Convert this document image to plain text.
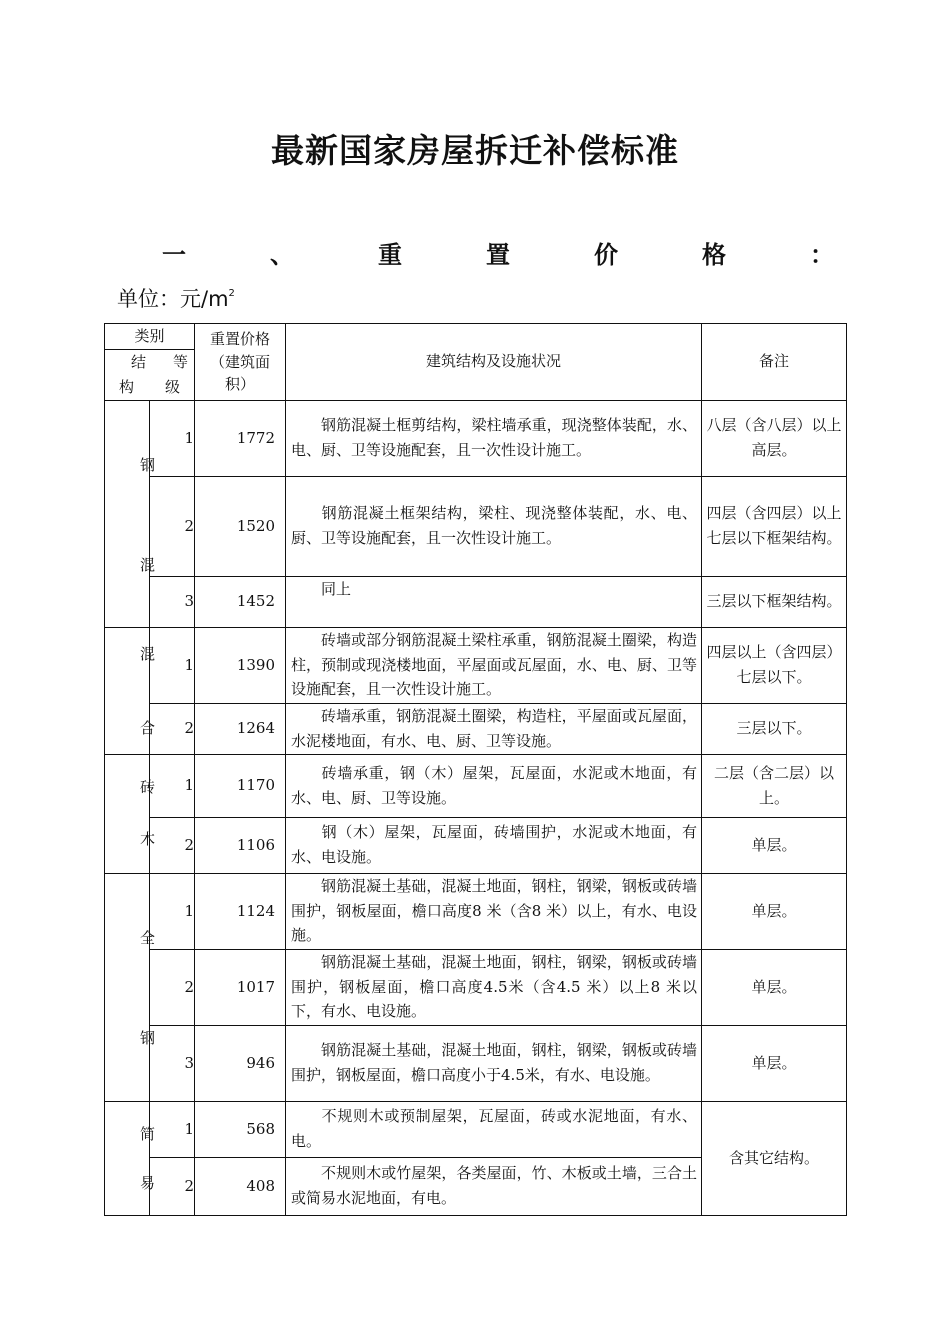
最新国家房屋拆迁补偿标准
一	、	重	置	价	格	：
单位：元$/m^2$
类别		重置价格（建筑面积）	建筑结构及设施状况	备注

结 等
构 级				

钢
混	1	1772	钢筋混凝土框剪结构，梁柱墙承重，现浇整体装配，水、电、厨、卫等设施配套，且一次性设计施工。	八层（含八层）以上高层。
	2	1520	钢筋混凝土框架结构，梁柱、现浇整体装配，水、电、厨、卫等设施配套，且一次性设计施工。	四层（含四层）以上七层以下框架结构。
	3	1452	同上	三层以下框架结构。

混
合	1	1390	砖墙或部分钢筋混凝土梁柱承重，钢筋混凝土圈梁，构造柱，预制或现浇楼地面，平屋面或瓦屋面，水、电、厨、卫等设施配套，且一次性设计施工。	四层以上（含四层）七层以下。
	2	1264	砖墙承重，钢筋混凝土圈梁，构造柱，平屋面或瓦屋面，水泥楼地面，有水、电、厨、卫等设施。	三层以下。

砖
木	1	1170	砖墙承重，钢（木）屋架，瓦屋面，水泥或木地面，有水、电、厨、卫等设施。	二层（含二层）以上。
	2	1106	钢（木）屋架，瓦屋面，砖墙围护，水泥或木地面，有水、电设施。	单层。

全
钢	1	1124	钢筋混凝土基础，混凝土地面，钢柱，钢梁，钢板或砖墙围护，钢板屋面，檐口高度8 米（含8 米）以上，有水、电设施。	单层。
	2	1017	钢筋混凝土基础，混凝土地面，钢柱，钢梁，钢板或砖墙围护，钢板屋面，檐口高度4.5米（含4.5 米）以上8 米以下，有水、电设施。	单层。
	3	946	钢筋混凝土基础，混凝土地面，钢柱，钢梁，钢板或砖墙围护，钢板屋面，檐口高度小于4.5米，有水、电设施。	单层。

简
易	1	568	不规则木或预制屋架，瓦屋面，砖或水泥地面，有水、电。	含其它结构。
	2	408	不规则木或竹屋架，各类屋面，竹、木板或土墙，三合土或简易水泥地面，有电。	
